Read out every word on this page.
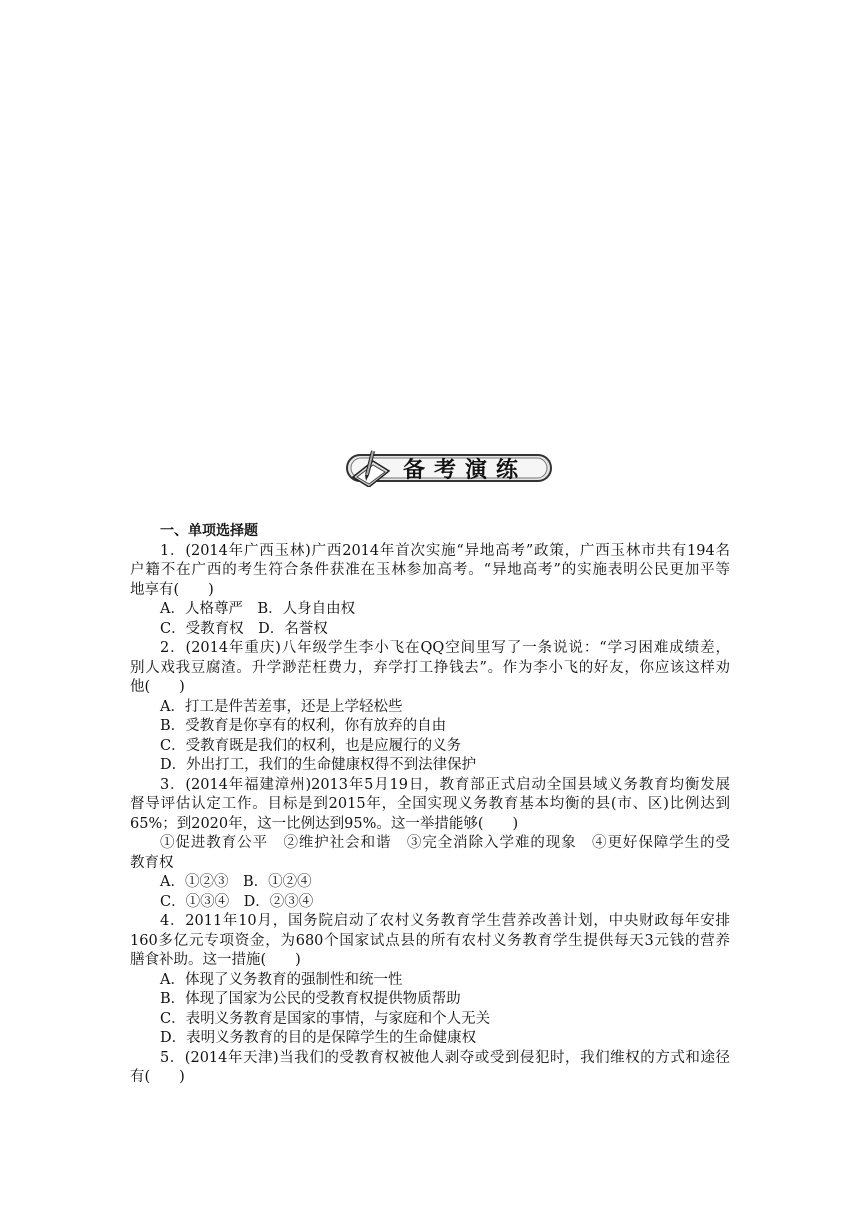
备考演练
一、单项选择题
1．(2014年广西玉林)广西2014年首次实施“异地高考”政策，广西玉林市共有194名
户籍不在广西的考生符合条件获准在玉林参加高考。“异地高考”的实施表明公民更加平等
地享有(　　)
A．人格尊严　B．人身自由权
C．受教育权　D．名誉权
2．(2014年重庆)八年级学生李小飞在QQ空间里写了一条说说：“学习困难成绩差，
别人戏我豆腐渣。升学渺茫枉费力，弃学打工挣钱去”。作为李小飞的好友，你应该这样劝
他(　　)
A．打工是件苦差事，还是上学轻松些
B．受教育是你享有的权利，你有放弃的自由
C．受教育既是我们的权利，也是应履行的义务
D．外出打工，我们的生命健康权得不到法律保护
3．(2014年福建漳州)2013年5月19日，教育部正式启动全国县域义务教育均衡发展
督导评估认定工作。目标是到2015年，全国实现义务教育基本均衡的县(市、区)比例达到
65%；到2020年，这一比例达到95%。这一举措能够(　　)
①促进教育公平　②维护社会和谐　③完全消除入学难的现象　④更好保障学生的受
教育权
A．①②③　B．①②④
C．①③④　D．②③④
4．2011年10月，国务院启动了农村义务教育学生营养改善计划，中央财政每年安排
160多亿元专项资金，为680个国家试点县的所有农村义务教育学生提供每天3元钱的营养
膳食补助。这一措施(　　)
A．体现了义务教育的强制性和统一性
B．体现了国家为公民的受教育权提供物质帮助
C．表明义务教育是国家的事情，与家庭和个人无关
D．表明义务教育的目的是保障学生的生命健康权
5．(2014年天津)当我们的受教育权被他人剥夺或受到侵犯时，我们维权的方式和途径
有(　　)
